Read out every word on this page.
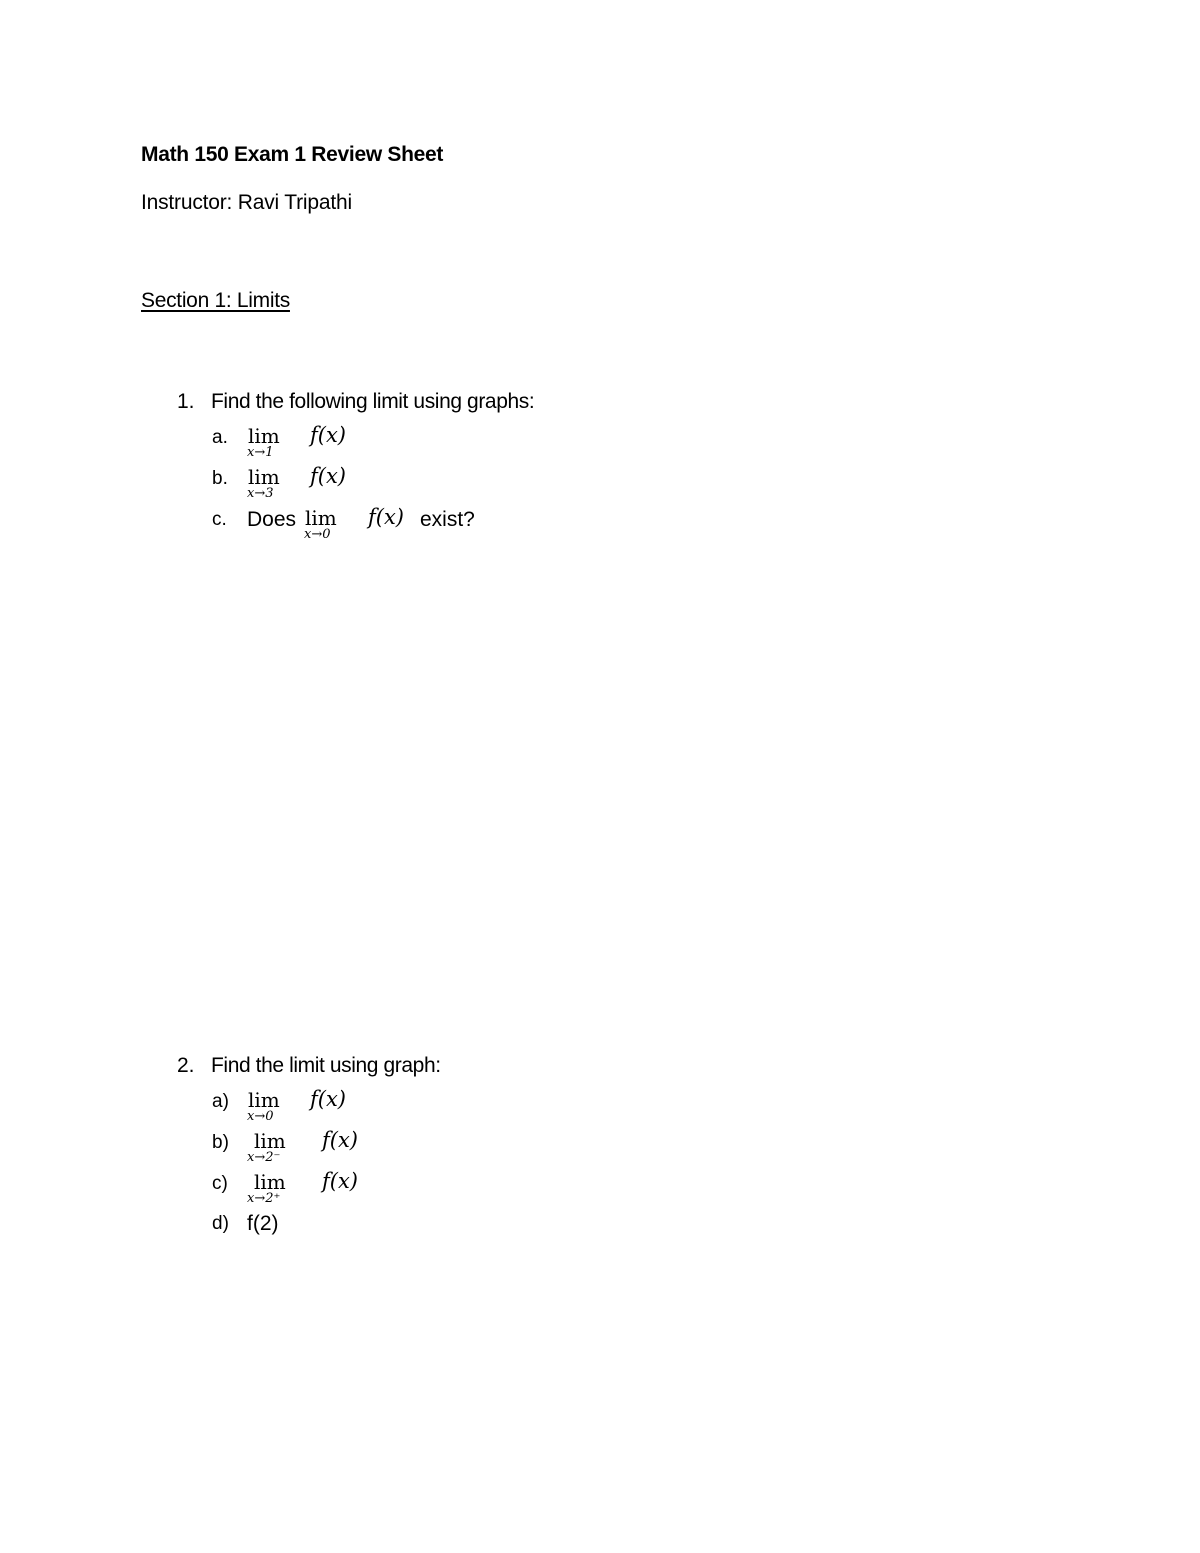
Math 150 Exam 1 Review Sheet
Instructor: Ravi Tripathi
Section 1: Limits
1. Find the following limit using graphs:
a. lim
x→1
f(x)
b. lim
x→3
f(x)
c. Does lim
x→0
f(x) exist?
2. Find the limit using graph:
a) lim
x→0
f(x)
b) lim
x→2⁻
f(x)
c) lim
x→2⁺
f(x)
d) f(2)
